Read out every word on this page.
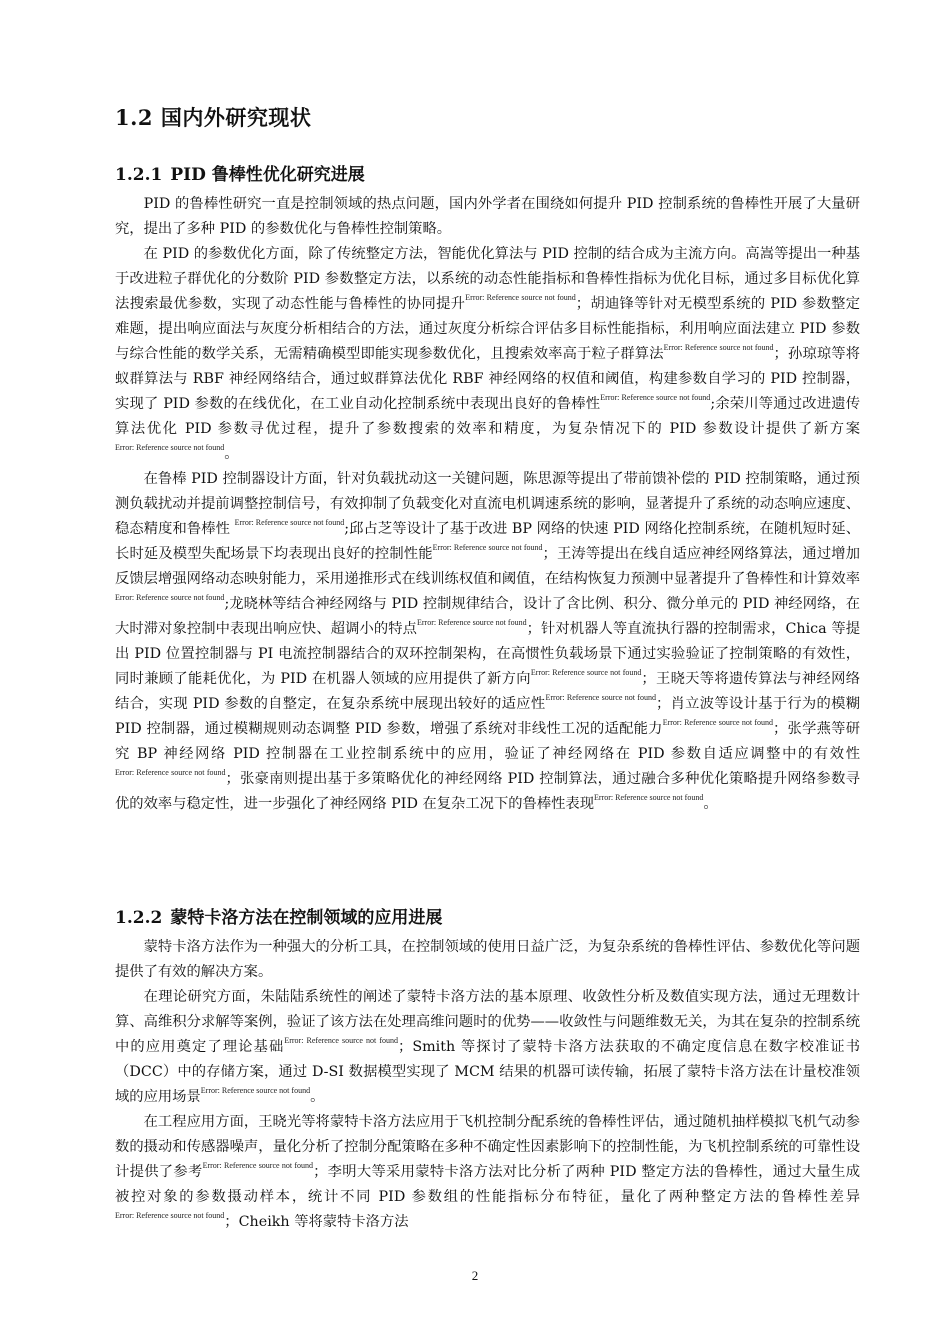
1.2 国内外研究现状
1.2.1 PID 鲁棒性优化研究进展

PID 的鲁棒性研究一直是控制领域的热点问题，国内外学者在围绕如何提升 PID 控制系统的鲁棒性开展了大量研究，提出了多种 PID 的参数优化与鲁棒性控制策略。

在 PID 的参数优化方面，除了传统整定方法，智能优化算法与 PID 控制的结合成为主流方向。高嵩等提出一种基于改进粒子群优化的分数阶 PID 参数整定方法，以系统的动态性能指标和鲁棒性指标为优化目标，通过多目标优化算法搜索最优参数，实现了动态性能与鲁棒性的协同提升$^{Error: Reference source not found}$；胡迪锋等针对无模型系统的 PID 参数整定难题，提出响应面法与灰度分析相结合的方法，通过灰度分析综合评估多目标性能指标，利用响应面法建立 PID 参数与综合性能的数学关系，无需精确模型即能实现参数优化，且搜索效率高于粒子群算法$^{Error: Reference source not found}$；孙琼琼等将蚁群算法与 RBF 神经网络结合，通过蚁群算法优化 RBF 神经网络的权值和阈值，构建参数自学习的 PID 控制器，实现了 PID 参数的在线优化，在工业自动化控制系统中表现出良好的鲁棒性$^{Error: Reference source not found}$;余荣川等通过改进遗传算法优化 PID 参数寻优过程，提升了参数搜索的效率和精度，为复杂情况下的 PID 参数设计提供了新方案$^{Error: Reference source not found}$。

在鲁棒 PID 控制器设计方面，针对负载扰动这一关键问题，陈思源等提出了带前馈补偿的 PID 控制策略，通过预测负载扰动并提前调整控制信号，有效抑制了负载变化对直流电机调速系统的影响，显著提升了系统的动态响应速度、稳态精度和鲁棒性 $^{Error: Reference source not found}$;邱占芝等设计了基于改进 BP 网络的快速 PID 网络化控制系统，在随机短时延、长时延及模型失配场景下均表现出良好的控制性能$^{Error: Reference source not found}$；王涛等提出在线自适应神经网络算法，通过增加反馈层增强网络动态映射能力，采用递推形式在线训练权值和阈值，在结构恢复力预测中显著提升了鲁棒性和计算效率$^{Error: Reference source not found}$;龙晓林等结合神经网络与 PID 控制规律结合，设计了含比例、积分、微分单元的 PID 神经网络，在大时滞对象控制中表现出响应快、超调小的特点$^{Error: Reference source not found}$；针对机器人等直流执行器的控制需求，Chica 等提出 PID 位置控制器与 PI 电流控制器结合的双环控制架构，在高惯性负载场景下通过实验验证了控制策略的有效性，同时兼顾了能耗优化，为 PID 在机器人领域的应用提供了新方向$^{Error: Reference source not found}$；王晓天等将遗传算法与神经网络结合，实现 PID 参数的自整定，在复杂系统中展现出较好的适应性$^{Error: Reference source not found}$；肖立波等设计基于行为的模糊 PID 控制器，通过模糊规则动态调整 PID 参数，增强了系统对非线性工况的适配能力$^{Error: Reference source not found}$；张学燕等研究 BP 神经网络 PID 控制器在工业控制系统中的应用，验证了神经网络在 PID 参数自适应调整中的有效性$^{Error: Reference source not found}$；张豪南则提出基于多策略优化的神经网络 PID 控制算法，通过融合多种优化策略提升网络参数寻优的效率与稳定性，进一步强化了神经网络 PID 在复杂工况下的鲁棒性表现$^{Error: Reference source not found}$。

1.2.2 蒙特卡洛方法在控制领域的应用进展

蒙特卡洛方法作为一种强大的分析工具，在控制领域的使用日益广泛，为复杂系统的鲁棒性评估、参数优化等问题提供了有效的解决方案。

在理论研究方面，朱陆陆系统性的阐述了蒙特卡洛方法的基本原理、收敛性分析及数值实现方法，通过无理数计算、高维积分求解等案例，验证了该方法在处理高维问题时的优势——收敛性与问题维数无关，为其在复杂的控制系统中的应用奠定了理论基础$^{Error: Reference source not found}$；Smith 等探讨了蒙特卡洛方法获取的不确定度信息在数字校准证书（DCC）中的存储方案，通过 D-SI 数据模型实现了 MCM 结果的机器可读传输，拓展了蒙特卡洛方法在计量校准领域的应用场景$^{Error: Reference source not found}$。

在工程应用方面，王晓光等将蒙特卡洛方法应用于飞机控制分配系统的鲁棒性评估，通过随机抽样模拟飞机气动参数的摄动和传感器噪声，量化分析了控制分配策略在多种不确定性因素影响下的控制性能，为飞机控制系统的可靠性设计提供了参考$^{Error: Reference source not found}$；李明大等采用蒙特卡洛方法对比分析了两种 PID 整定方法的鲁棒性，通过大量生成被控对象的参数摄动样本，统计不同 PID 参数组的性能指标分布特征，量化了两种整定方法的鲁棒性差异$^{Error: Reference source not found}$；Cheikh 等将蒙特卡洛方法

2
